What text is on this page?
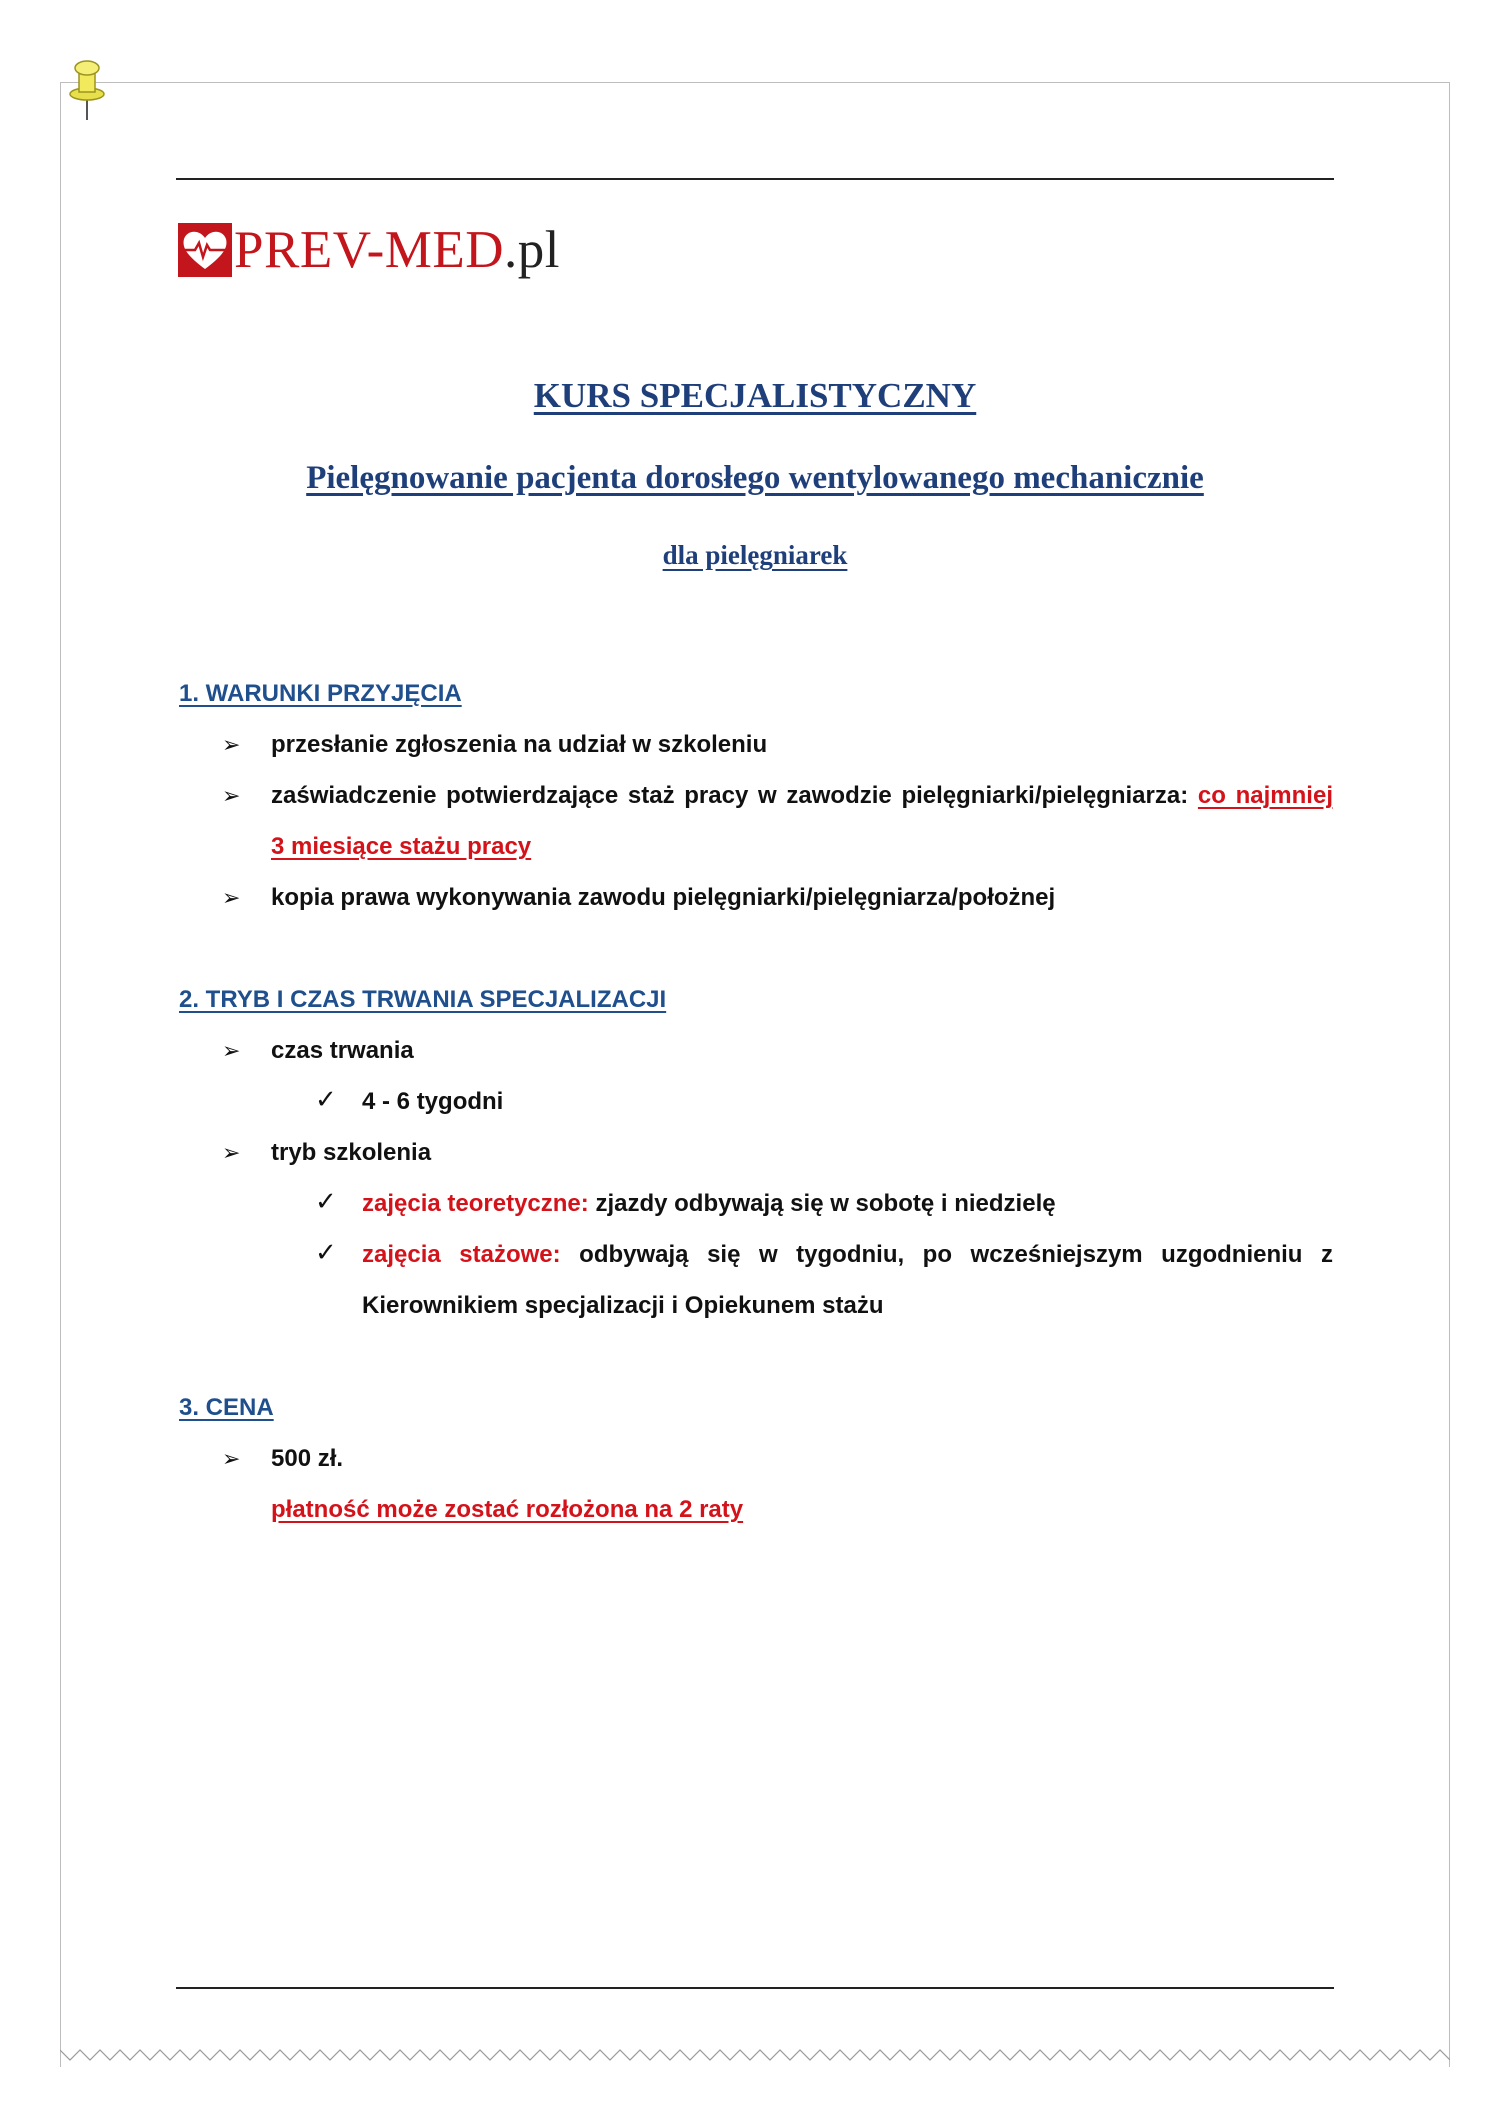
PREV-MED.pl
KURS SPECJALISTYCZNY
Pielęgnowanie pacjenta dorosłego wentylowanego mechanicznie
dla pielęgniarek
1. WARUNKI PRZYJĘCIA
➢ przesłanie zgłoszenia na udział w szkoleniu
➢ zaświadczenie potwierdzające staż pracy w zawodzie pielęgniarki/pielęgniarza: co najmniej
3 miesiące stażu pracy
➢ kopia prawa wykonywania zawodu pielęgniarki/pielęgniarza/położnej
2. TRYB I CZAS TRWANIA SPECJALIZACJI
➢ czas trwania
✓ 4 - 6 tygodni
➢ tryb szkolenia
✓ zajęcia teoretyczne: zjazdy odbywają się w sobotę i niedzielę
✓ zajęcia stażowe: odbywają się w tygodniu, po wcześniejszym uzgodnieniu z
Kierownikiem specjalizacji i Opiekunem stażu
3. CENA
➢ 500 zł.
płatność może zostać rozłożona na 2 raty
